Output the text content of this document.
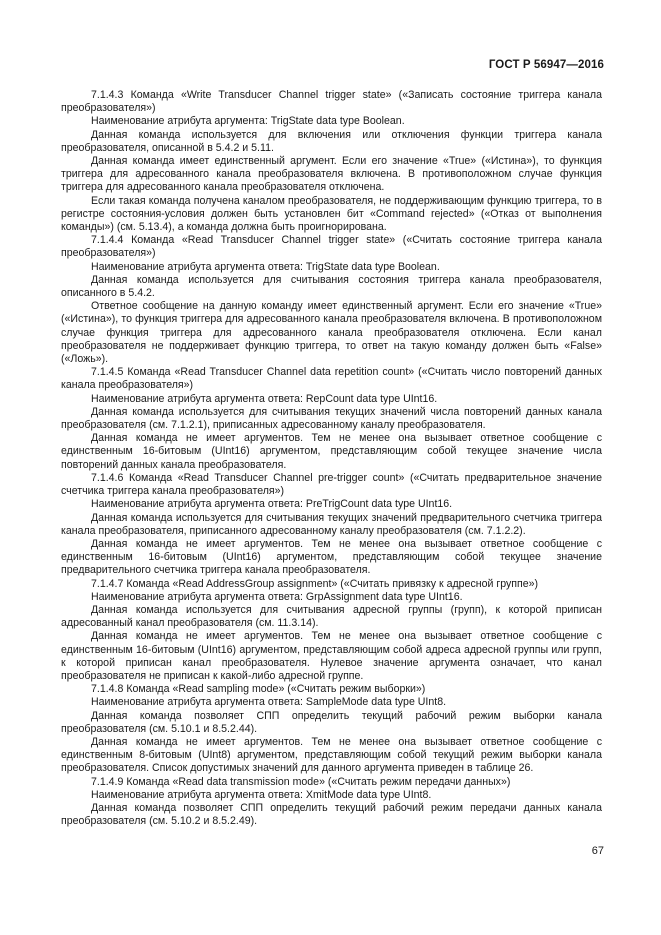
ГОСТ Р 56947—2016

7.1.4.3 Команда «Write Transducer Channel trigger state» («Записать состояние триггера канала преобразователя»)

Наименование атрибута аргумента: TrigState data type Boolean.

Данная команда используется для включения или отключения функции триггера канала преобразователя, описанной в 5.4.2 и 5.11.

Данная команда имеет единственный аргумент. Если его значение «True» («Истина»), то функция триггера для адресованного канала преобразователя включена. В противоположном случае функция триггера для адресованного канала преобразователя отключена.

Если такая команда получена каналом преобразователя, не поддерживающим функцию триггера, то в регистре состояния-условия должен быть установлен бит «Command rejected» («Отказ от выполнения команды») (см. 5.13.4), а команда должна быть проигнорирована.

7.1.4.4 Команда «Read Transducer Channel trigger state» («Считать состояние триггера канала преобразователя»)

Наименование атрибута аргумента ответа: TrigState data type Boolean.

Данная команда используется для считывания состояния триггера канала преобразователя, описанного в 5.4.2.

Ответное сообщение на данную команду имеет единственный аргумент. Если его значение «True» («Истина»), то функция триггера для адресованного канала преобразователя включена. В противоположном случае функция триггера для адресованного канала преобразователя отключена. Если канал преобразователя не поддерживает функцию триггера, то ответ на такую команду должен быть «False» («Ложь»).

7.1.4.5 Команда «Read Transducer Channel data repetition count» («Считать число повторений данных канала преобразователя»)

Наименование атрибута аргумента ответа: RepCount data type UInt16.

Данная команда используется для считывания текущих значений числа повторений данных канала преобразователя (см. 7.1.2.1), приписанных адресованному каналу преобразователя.

Данная команда не имеет аргументов. Тем не менее она вызывает ответное сообщение с единственным 16-битовым (UInt16) аргументом, представляющим собой текущее значение числа повторений данных канала преобразователя.

7.1.4.6 Команда «Read Transducer Channel pre-trigger count» («Считать предварительное значение счетчика триггера канала преобразователя»)

Наименование атрибута аргумента ответа: PreTrigCount data type UInt16.

Данная команда используется для считывания текущих значений предварительного счетчика триггера канала преобразователя, приписанного адресованному каналу преобразователя (см. 7.1.2.2).

Данная команда не имеет аргументов. Тем не менее она вызывает ответное сообщение с единственным 16-битовым (UInt16) аргументом, представляющим собой текущее значение предварительного счетчика триггера канала преобразователя.

7.1.4.7 Команда «Read AddressGroup assignment» («Считать привязку к адресной группе»)

Наименование атрибута аргумента ответа: GrpAssignment data type UInt16.

Данная команда используется для считывания адресной группы (групп), к которой приписан адресованный канал преобразователя (см. 11.3.14).

Данная команда не имеет аргументов. Тем не менее она вызывает ответное сообщение с единственным 16-битовым (UInt16) аргументом, представляющим собой адреса адресной группы или групп, к которой приписан канал преобразователя. Нулевое значение аргумента означает, что канал преобразователя не приписан к какой-либо адресной группе.

7.1.4.8 Команда «Read sampling mode» («Считать режим выборки»)

Наименование атрибута аргумента ответа: SampleMode data type UInt8.

Данная команда позволяет СПП определить текущий рабочий режим выборки канала преобразователя (см. 5.10.1 и 8.5.2.44).

Данная команда не имеет аргументов. Тем не менее она вызывает ответное сообщение с единственным 8-битовым (UInt8) аргументом, представляющим собой текущий режим выборки канала преобразователя. Список допустимых значений для данного аргумента приведен в таблице 26.

7.1.4.9 Команда «Read data transmission mode» («Считать режим передачи данных»)

Наименование атрибута аргумента ответа: XmitMode data type UInt8.

Данная команда позволяет СПП определить текущий рабочий режим передачи данных канала преобразователя (см. 5.10.2 и 8.5.2.49).

67
